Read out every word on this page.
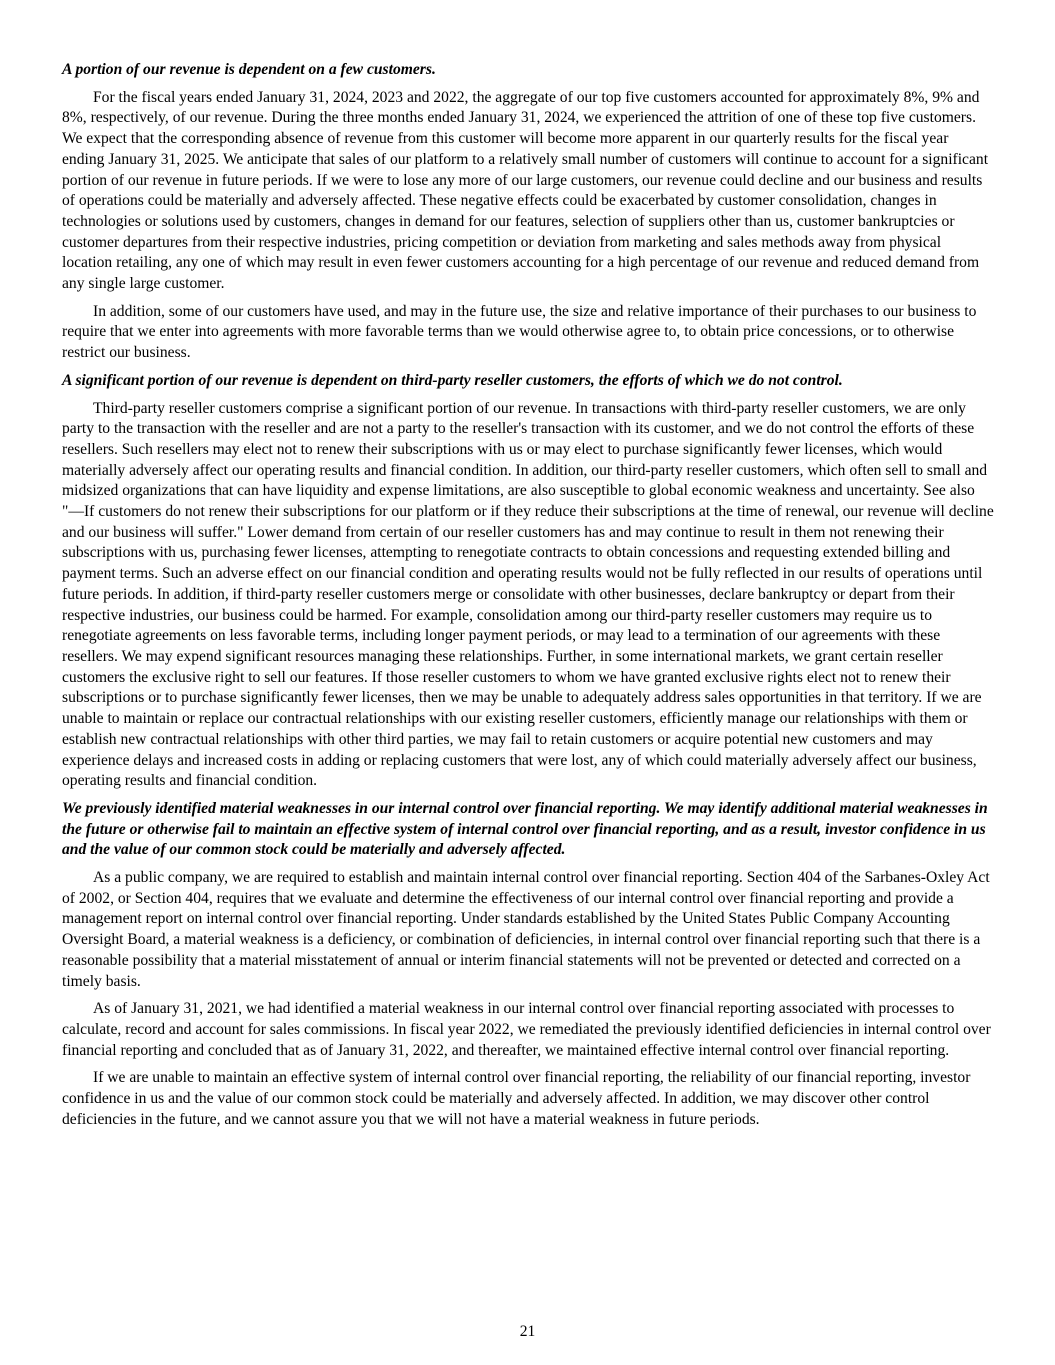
A portion of our revenue is dependent on a few customers.
For the fiscal years ended January 31, 2024, 2023 and 2022, the aggregate of our top five customers accounted for approximately 8%, 9% and 8%, respectively, of our revenue. During the three months ended January 31, 2024, we experienced the attrition of one of these top five customers. We expect that the corresponding absence of revenue from this customer will become more apparent in our quarterly results for the fiscal year ending January 31, 2025. We anticipate that sales of our platform to a relatively small number of customers will continue to account for a significant portion of our revenue in future periods. If we were to lose any more of our large customers, our revenue could decline and our business and results of operations could be materially and adversely affected. These negative effects could be exacerbated by customer consolidation, changes in technologies or solutions used by customers, changes in demand for our features, selection of suppliers other than us, customer bankruptcies or customer departures from their respective industries, pricing competition or deviation from marketing and sales methods away from physical location retailing, any one of which may result in even fewer customers accounting for a high percentage of our revenue and reduced demand from any single large customer.
In addition, some of our customers have used, and may in the future use, the size and relative importance of their purchases to our business to require that we enter into agreements with more favorable terms than we would otherwise agree to, to obtain price concessions, or to otherwise restrict our business.
A significant portion of our revenue is dependent on third-party reseller customers, the efforts of which we do not control.
Third-party reseller customers comprise a significant portion of our revenue. In transactions with third-party reseller customers, we are only party to the transaction with the reseller and are not a party to the reseller's transaction with its customer, and we do not control the efforts of these resellers. Such resellers may elect not to renew their subscriptions with us or may elect to purchase significantly fewer licenses, which would materially adversely affect our operating results and financial condition. In addition, our third-party reseller customers, which often sell to small and midsized organizations that can have liquidity and expense limitations, are also susceptible to global economic weakness and uncertainty. See also "—If customers do not renew their subscriptions for our platform or if they reduce their subscriptions at the time of renewal, our revenue will decline and our business will suffer." Lower demand from certain of our reseller customers has and may continue to result in them not renewing their subscriptions with us, purchasing fewer licenses, attempting to renegotiate contracts to obtain concessions and requesting extended billing and payment terms. Such an adverse effect on our financial condition and operating results would not be fully reflected in our results of operations until future periods. In addition, if third-party reseller customers merge or consolidate with other businesses, declare bankruptcy or depart from their respective industries, our business could be harmed. For example, consolidation among our third-party reseller customers may require us to renegotiate agreements on less favorable terms, including longer payment periods, or may lead to a termination of our agreements with these resellers. We may expend significant resources managing these relationships. Further, in some international markets, we grant certain reseller customers the exclusive right to sell our features. If those reseller customers to whom we have granted exclusive rights elect not to renew their subscriptions or to purchase significantly fewer licenses, then we may be unable to adequately address sales opportunities in that territory. If we are unable to maintain or replace our contractual relationships with our existing reseller customers, efficiently manage our relationships with them or establish new contractual relationships with other third parties, we may fail to retain customers or acquire potential new customers and may experience delays and increased costs in adding or replacing customers that were lost, any of which could materially adversely affect our business, operating results and financial condition.
We previously identified material weaknesses in our internal control over financial reporting. We may identify additional material weaknesses in the future or otherwise fail to maintain an effective system of internal control over financial reporting, and as a result, investor confidence in us and the value of our common stock could be materially and adversely affected.
As a public company, we are required to establish and maintain internal control over financial reporting. Section 404 of the Sarbanes-Oxley Act of 2002, or Section 404, requires that we evaluate and determine the effectiveness of our internal control over financial reporting and provide a management report on internal control over financial reporting. Under standards established by the United States Public Company Accounting Oversight Board, a material weakness is a deficiency, or combination of deficiencies, in internal control over financial reporting such that there is a reasonable possibility that a material misstatement of annual or interim financial statements will not be prevented or detected and corrected on a timely basis.
As of January 31, 2021, we had identified a material weakness in our internal control over financial reporting associated with processes to calculate, record and account for sales commissions. In fiscal year 2022, we remediated the previously identified deficiencies in internal control over financial reporting and concluded that as of January 31, 2022, and thereafter, we maintained effective internal control over financial reporting.
If we are unable to maintain an effective system of internal control over financial reporting, the reliability of our financial reporting, investor confidence in us and the value of our common stock could be materially and adversely affected. In addition, we may discover other control deficiencies in the future, and we cannot assure you that we will not have a material weakness in future periods.
21
